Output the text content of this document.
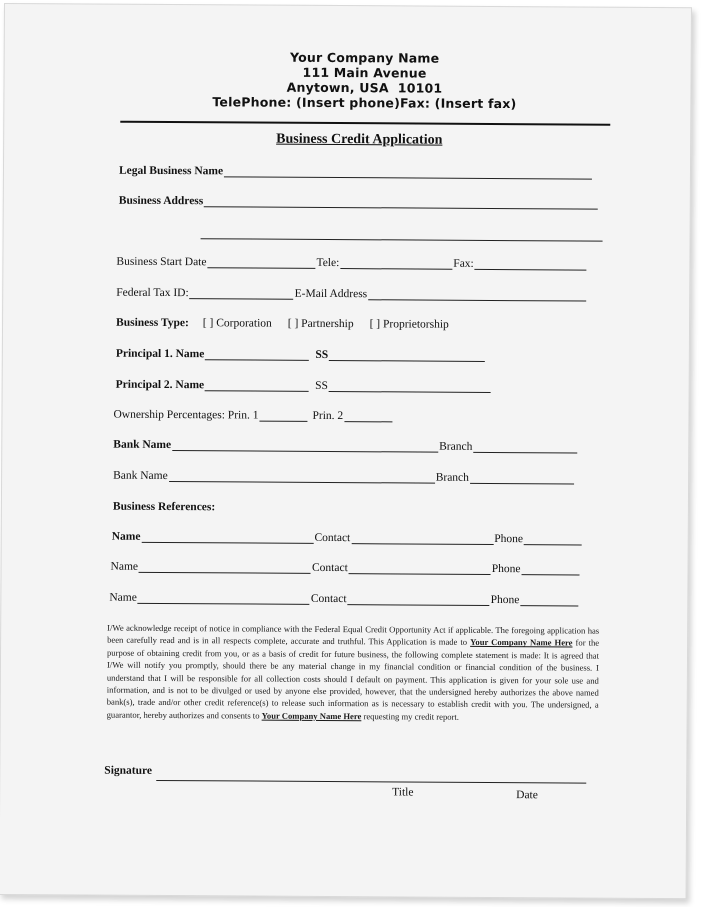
Your Company Name
111 Main Avenue
Anytown, USA  10101
TelePhone: (Insert phone)Fax: (Insert fax)
Business Credit Application
Legal Business Name
Business Address
Business Start Date	Tele:	Fax:
Federal Tax ID:	E-Mail Address
Business Type: [ ] Corporation [ ] Partnership [ ] Proprietorship
Principal 1. Name	SS
Principal 2. Name	SS
Ownership Percentages: Prin. 1	Prin. 2
Bank Name	Branch
Bank Name	Branch
Business References:
Name	Contact	Phone
Name	Contact	Phone
Name	Contact	Phone
I/We acknowledge receipt of notice in compliance with the Federal Equal Credit Opportunity Act if applicable. The foregoing application has been carefully read and is in all respects complete, accurate and truthful. This Application is made to Your Company Name Here for the purpose of obtaining credit from you, or as a basis of credit for future business, the following complete statement is made: It is agreed that I/We will notify you promptly, should there be any material change in my financial condition or financial condition of the business. I understand that I will be responsible for all collection costs should I default on payment. This application is given for your sole use and information, and is not to be divulged or used by anyone else provided, however, that the undersigned hereby authorizes the above named bank(s), trade and/or other credit reference(s) to release such information as is necessary to establish credit with you. The undersigned, a guarantor, hereby authorizes and consents to Your Company Name Here requesting my credit report.
Signature
Title	Date
